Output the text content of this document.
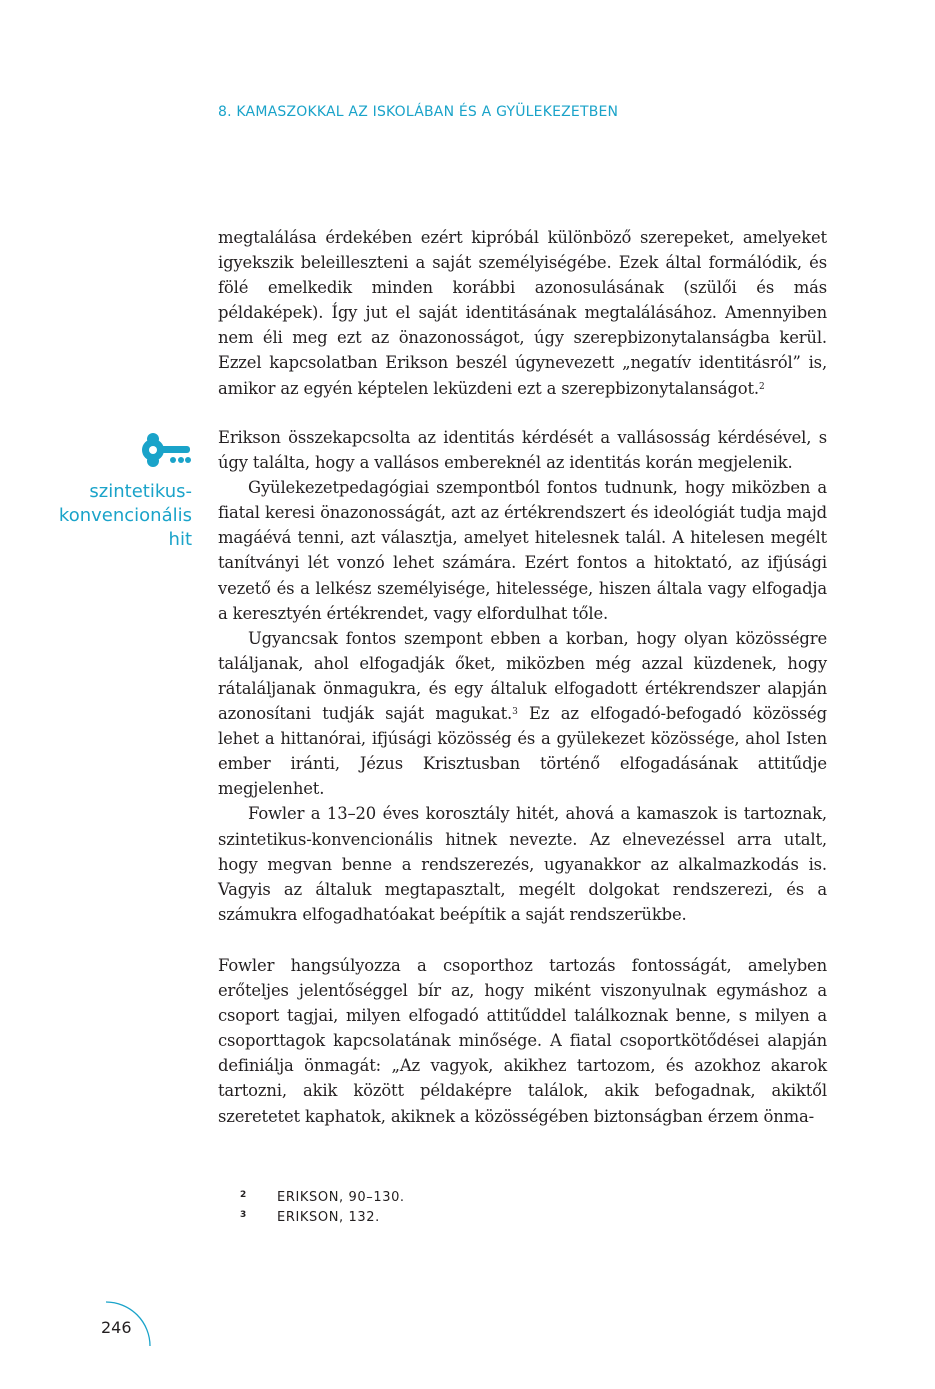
8. KAMASZOKKAL AZ ISKOLÁBAN ÉS A GYÜLEKEZETBEN

megtalálása érdekében ezért kipróbál különböző szerepeket, amelyeket igyekszik beleilleszteni a saját személyiségébe. Ezek által formálódik, és fölé emelkedik minden korábbi azonosulásának (szülői és más példaképek). Így jut el saját identitásának megtalálásához. Amennyiben nem éli meg ezt az önazonosságot, úgy szerepbizonytalanságba kerül. Ezzel kapcsolatban Erikson beszél úgynevezett „negatív identitásról” is, amikor az egyén képtelen leküzdeni ezt a szerepbizonytalanságot.$^2$

szintetikus-
konvencionális
hit

Erikson összekapcsolta az identitás kérdését a vallásosság kérdésével, s úgy találta, hogy a vallásos embereknél az identitás korán megjelenik.

Gyülekezetpedagógiai szempontból fontos tudnunk, hogy miközben a fiatal keresi önazonosságát, azt az értékrendszert és ideológiát tudja majd magáévá tenni, azt választja, amelyet hitelesnek talál. A hitelesen megélt tanítványi lét vonzó lehet számára. Ezért fontos a hitoktató, az ifjúsági vezető és a lelkész személyisége, hitelessége, hiszen általa vagy elfogadja a keresztyén értékrendet, vagy elfordulhat tőle.

Ugyancsak fontos szempont ebben a korban, hogy olyan közösségre találjanak, ahol elfogadják őket, miközben még azzal küzdenek, hogy rátaláljanak önmagukra, és egy általuk elfogadott értékrendszer alapján azonosítani tudják saját magukat.$^3$ Ez az elfogadó-befogadó közösség lehet a hittanórai, ifjúsági közösség és a gyülekezet közössége, ahol Isten ember iránti, Jézus Krisztusban történő elfogadásának attitűdje megjelenhet.

Fowler a 13–20 éves korosztály hitét, ahová a kamaszok is tartoznak, szintetikus-konvencionális hitnek nevezte. Az elnevezéssel arra utalt, hogy megvan benne a rendszerezés, ugyanakkor az alkalmazkodás is. Vagyis az általuk megtapasztalt, megélt dolgokat rendszerezi, és a számukra elfogadhatóakat beépítik a saját rendszerükbe.

Fowler hangsúlyozza a csoporthoz tartozás fontosságát, amelyben erőteljes jelentőséggel bír az, hogy miként viszonyulnak egymáshoz a csoport tagjai, milyen elfogadó attitűddel találkoznak benne, s milyen a csoporttagok kapcsolatának minősége. A fiatal csoportkötődései alapján definiálja önmagát: „Az vagyok, akikhez tartozom, és azokhoz akarok tartozni, akik között példaképre találok, akik befogadnak, akiktől szeretetet kaphatok, akiknek a közösségében biztonságban érzem önma-

2	ERIKSON, 90–130.
3	ERIKSON, 132.
246
